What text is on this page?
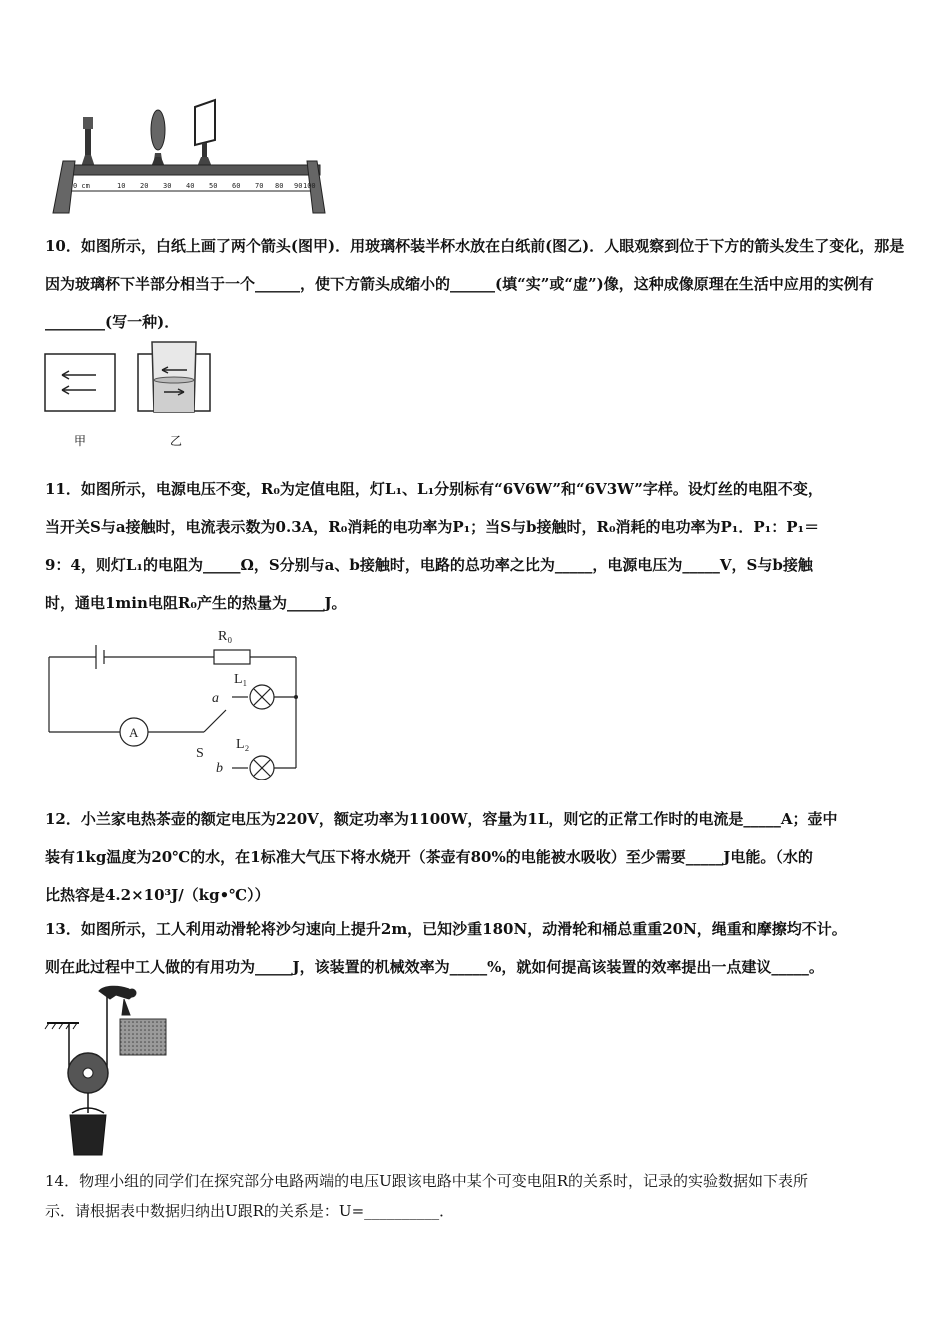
0 cm	10 20 30 40 50 60 70 80 90 100
10．如图所示，白纸上画了两个箭头(图甲)．用玻璃杯装半杯水放在白纸前(图乙)．人眼观察到位于下方的箭头发生了变化，那是因为玻璃杯下半部分相当于一个______，使下方箭头成缩小的______(填“实”或“虚”)像，这种成像原理在生活中应用的实例有________(写一种)．
甲	乙
11．如图所示，电源电压不变，R₀为定值电阻，灯L₁、L₁分别标有“6V6W”和“6V3W”字样。设灯丝的电阻不变，
当开关S与a接触时，电流表示数为0.3A，R₀消耗的电功率为P₁；当S与b接触时，R₀消耗的电功率为P₁．P₁：P₁＝
9：4，则灯L₁的电阻为_____Ω，S分别与a、b接触时，电路的总功率之比为_____，电源电压为_____V，S与b接触
时，通电1min电阻R₀产生的热量为_____J。
R₀
L₁
L₂
a
b
S
A
12．小兰家电热茶壶的额定电压为220V，额定功率为1100W，容量为1L，则它的正常工作时的电流是_____A；壶中
装有1kg温度为20℃的水，在1标准大气压下将水烧开（茶壶有80%的电能被水吸收）至少需要_____J电能。（水的
比热容是4.2×10³J/（kg•℃））
13．如图所示，工人利用动滑轮将沙匀速向上提升2m，已知沙重180N，动滑轮和桶总重重20N，绳重和摩擦均不计。
则在此过程中工人做的有用功为_____J，该装置的机械效率为_____%，就如何提高该装置的效率提出一点建议_____。
14．物理小组的同学们在探究部分电路两端的电压U跟该电路中某个可变电阻R的关系时，记录的实验数据如下表所
示．请根据表中数据归纳出U跟R的关系是：U=__________．
